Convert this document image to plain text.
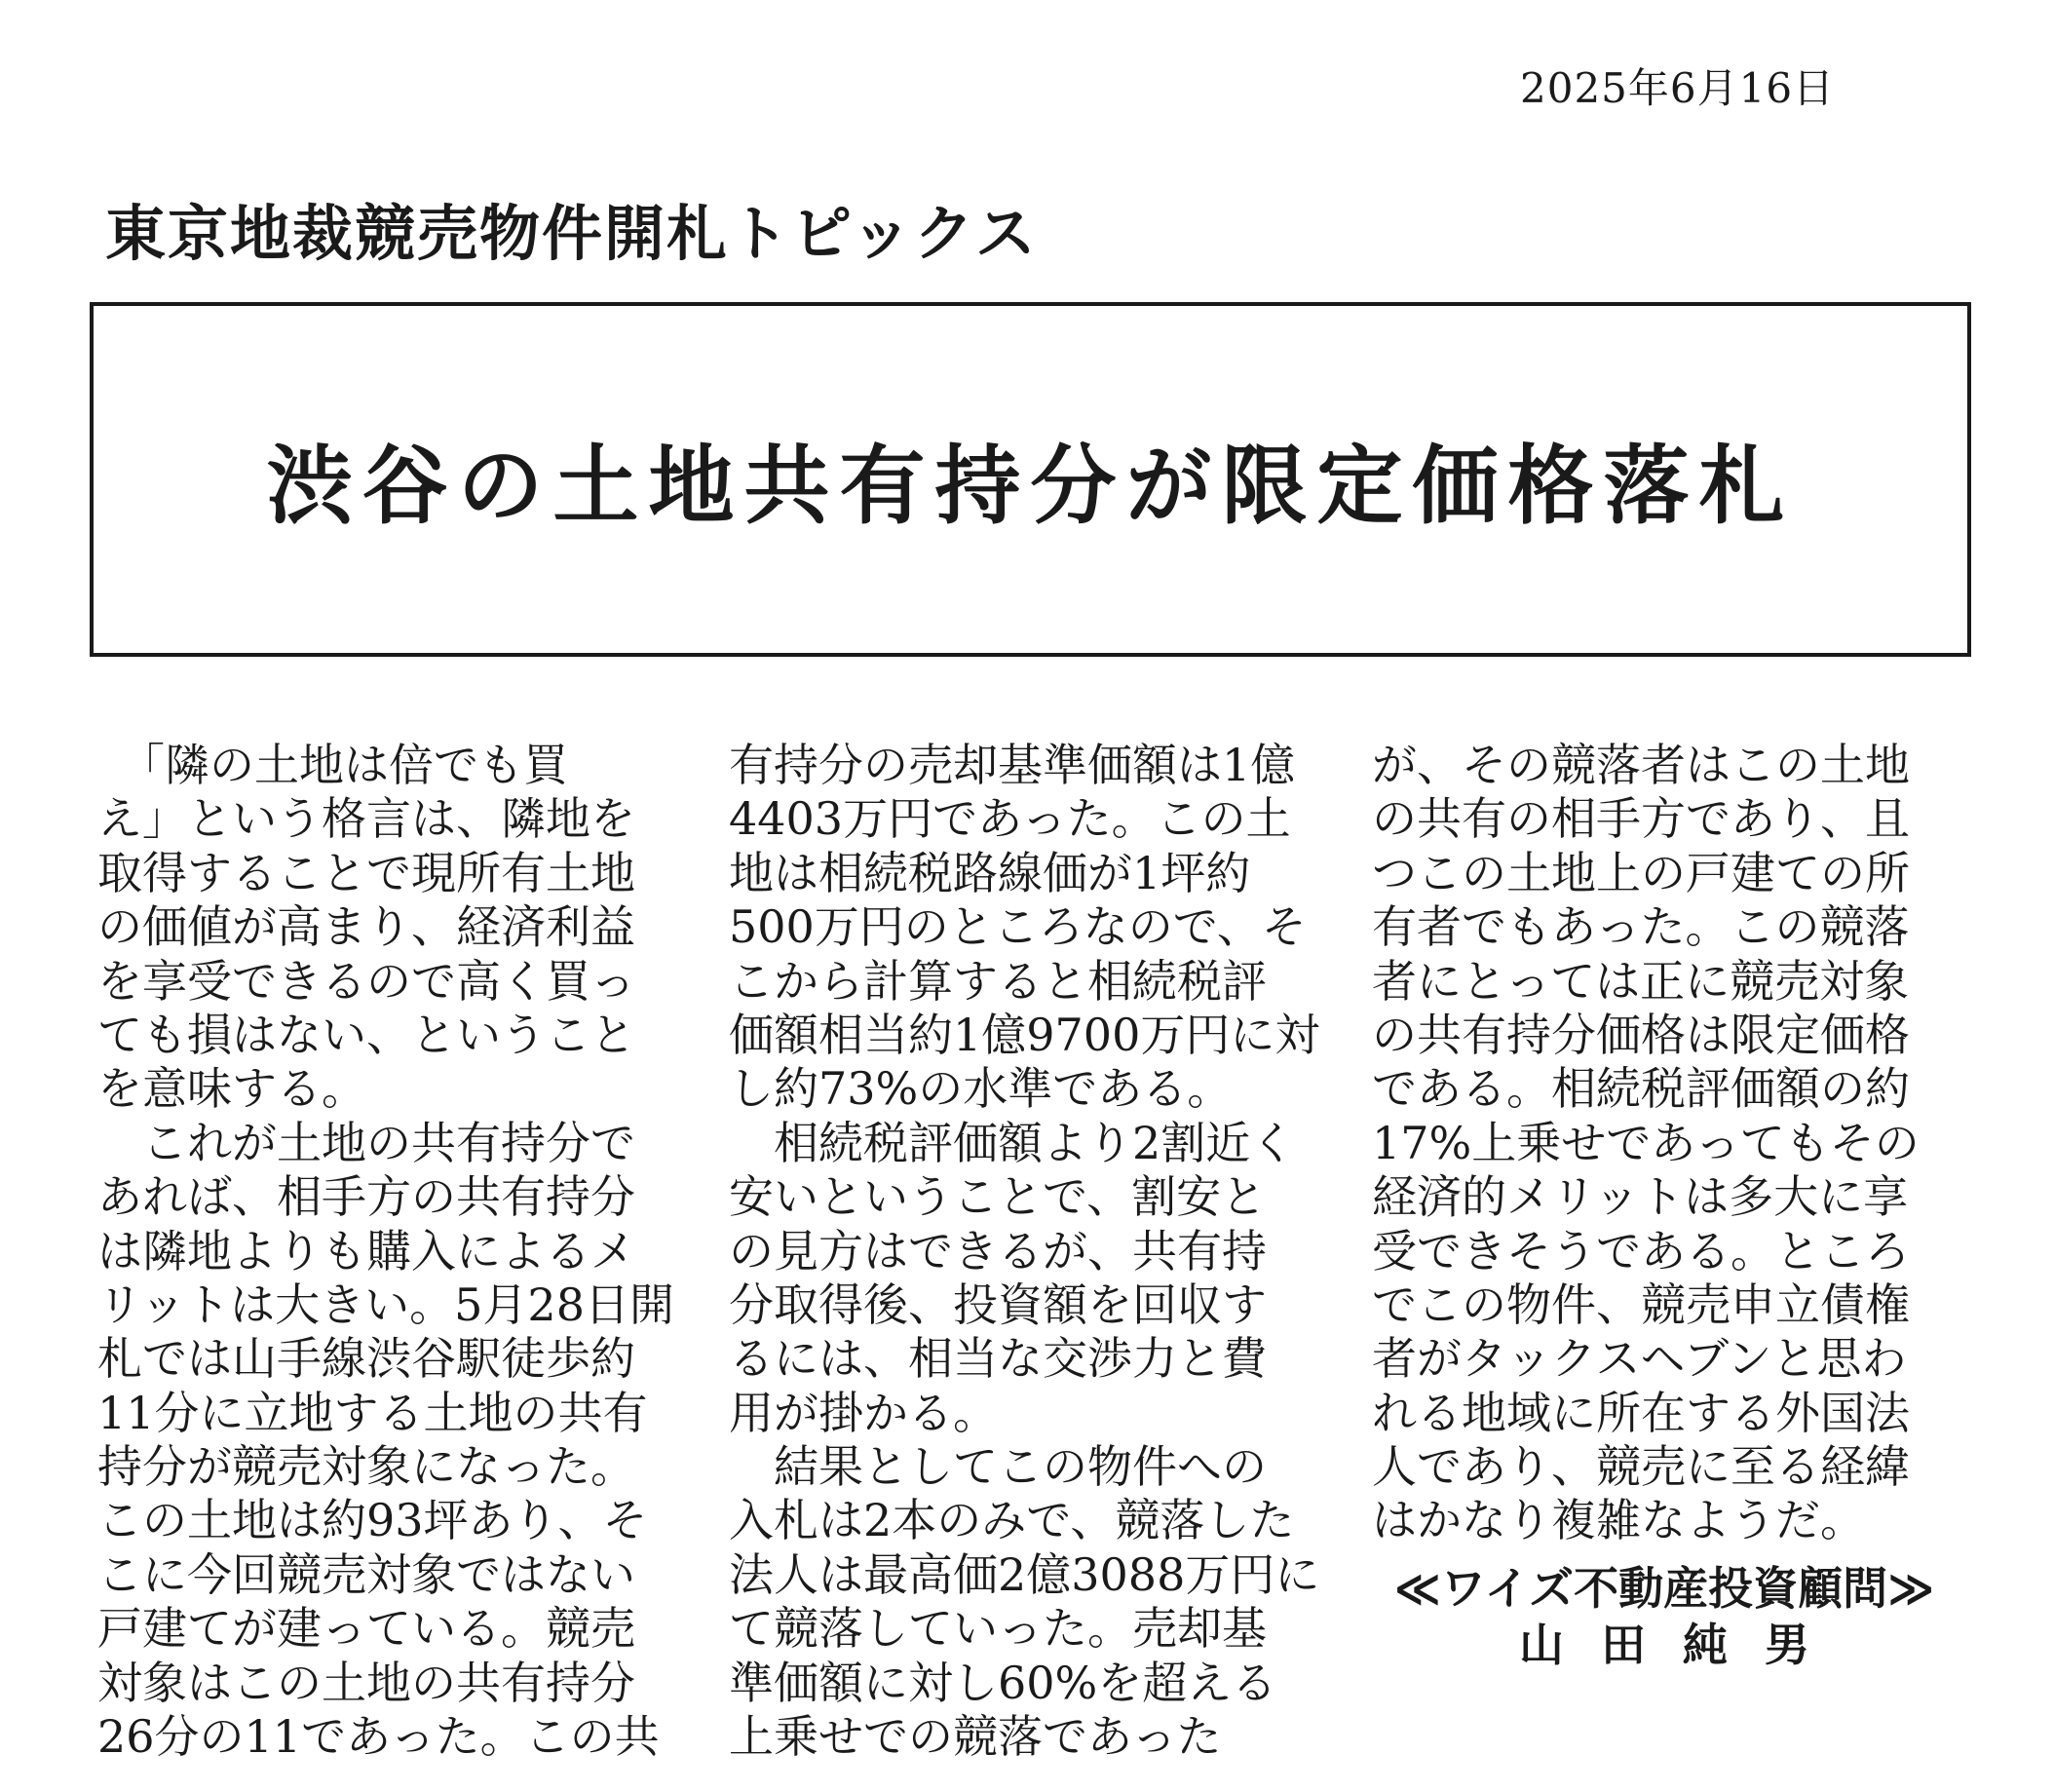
2025年6月16日
東京地裁競売物件開札トピックス
渋谷の土地共有持分が限定価格落札
　「隣の土地は倍でも買
え」という格言は、隣地を
取得することで現所有土地
の価値が高まり、経済利益
を享受できるので高く買っ
ても損はない、ということ
を意味する。
　これが土地の共有持分で
あれば、相手方の共有持分
は隣地よりも購入によるメ
リットは大きい。5月28日開
札では山手線渋谷駅徒歩約
11分に立地する土地の共有
持分が競売対象になった。
この土地は約93坪あり、そ
こに今回競売対象ではない
戸建てが建っている。競売
対象はこの土地の共有持分
26分の11であった。この共
有持分の売却基準価額は1億
4403万円であった。この土
地は相続税路線価が1坪約
500万円のところなので、そ
こから計算すると相続税評
価額相当約1億9700万円に対
し約73%の水準である。
　相続税評価額より2割近く
安いということで、割安と
の見方はできるが、共有持
分取得後、投資額を回収す
るには、相当な交渉力と費
用が掛かる。
　結果としてこの物件への
入札は2本のみで、競落した
法人は最高価2億3088万円に
て競落していった。売却基
準価額に対し60%を超える
上乗せでの競落であった
が、その競落者はこの土地
の共有の相手方であり、且
つこの土地上の戸建ての所
有者でもあった。この競落
者にとっては正に競売対象
の共有持分価格は限定価格
である。相続税評価額の約
17%上乗せであってもその
経済的メリットは多大に享
受できそうである。ところ
でこの物件、競売申立債権
者がタックスヘブンと思わ
れる地域に所在する外国法
人であり、競売に至る経緯
はかなり複雑なようだ。
≪ワイズ不動産投資顧問≫
山田純男
